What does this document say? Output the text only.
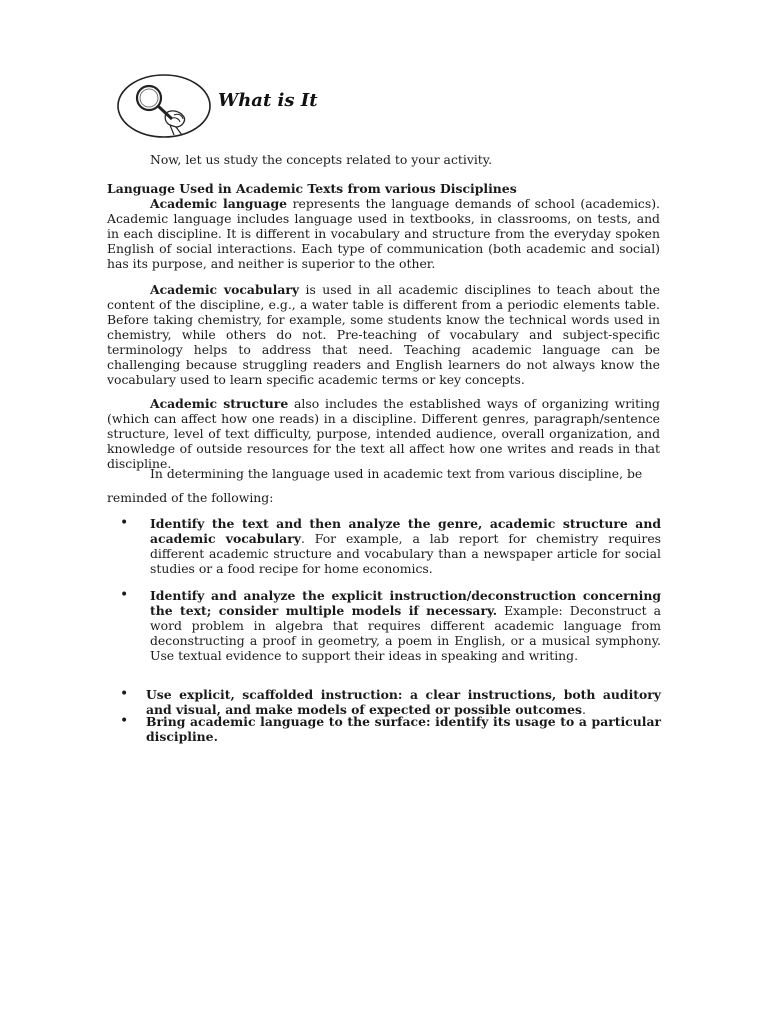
What is It
Now, let us study the concepts related to your activity.
Language Used in Academic Texts from various Disciplines

Academic language represents the language demands of school (academics). Academic language includes language used in textbooks, in classrooms, on tests, and in each discipline. It is different in vocabulary and structure from the everyday spoken English of social interactions. Each type of communication (both academic and social) has its purpose, and neither is superior to the other.

Academic vocabulary is used in all academic disciplines to teach about the content of the discipline, e.g., a water table is different from a periodic elements table. Before taking chemistry, for example, some students know the technical words used in chemistry, while others do not. Pre-teaching of vocabulary and subject-specific terminology helps to address that need. Teaching academic language can be challenging because struggling readers and English learners do not always know the vocabulary used to learn specific academic terms or key concepts.

Academic structure also includes the established ways of organizing writing (which can affect how one reads) in a discipline. Different genres, paragraph/sentence structure, level of text difficulty, purpose, intended audience, overall organization, and knowledge of outside resources for the text all affect how one writes and reads in that discipline.

In determining the language used in academic text from various discipline, be

reminded of the following:
• Identify the text and then analyze the genre, academic structure and academic vocabulary. For example, a lab report for chemistry requires different academic structure and vocabulary than a newspaper article for social studies or a food recipe for home economics.
• Identify and analyze the explicit instruction/deconstruction concerning the text; consider multiple models if necessary. Example: Deconstruct a word problem in algebra that requires different academic language from deconstructing a proof in geometry, a poem in English, or a musical symphony. Use textual evidence to support their ideas in speaking and writing.
• Use explicit, scaffolded instruction: a clear instructions, both auditory and visual, and make models of expected or possible outcomes.
• Bring academic language to the surface: identify its usage to a particular discipline.
